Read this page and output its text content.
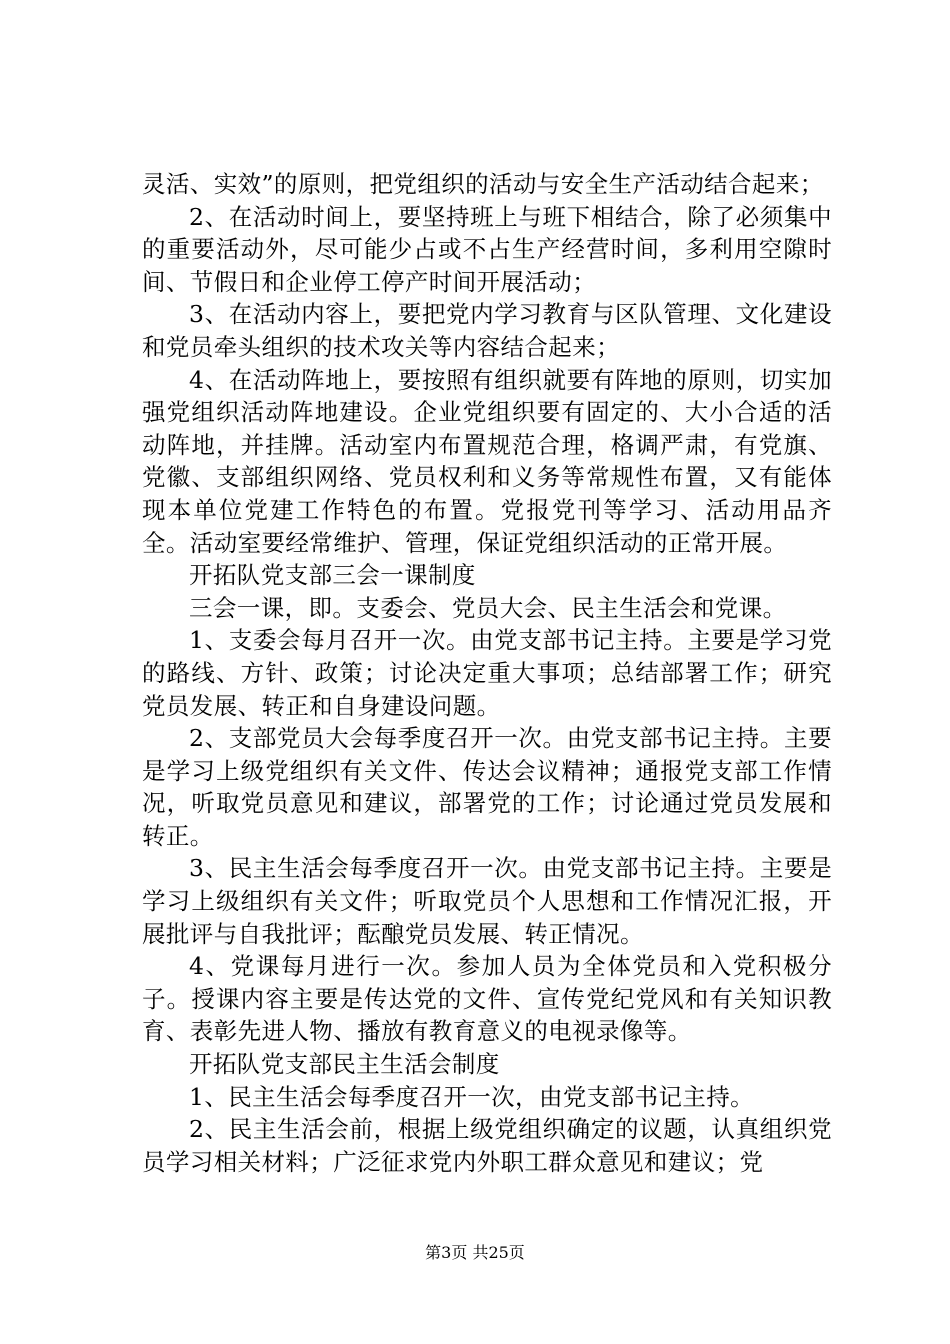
灵活、实效”的原则，把党组织的活动与安全生产活动结合起来；

2、在活动时间上，要坚持班上与班下相结合，除了必须集中的重要活动外，尽可能少占或不占生产经营时间，多利用空隙时间、节假日和企业停工停产时间开展活动；

3、在活动内容上，要把党内学习教育与区队管理、文化建设和党员牵头组织的技术攻关等内容结合起来；

4、在活动阵地上，要按照有组织就要有阵地的原则，切实加强党组织活动阵地建设。企业党组织要有固定的、大小合适的活动阵地，并挂牌。活动室内布置规范合理，格调严肃，有党旗、党徽、支部组织网络、党员权利和义务等常规性布置，又有能体现本单位党建工作特色的布置。党报党刊等学习、活动用品齐全。活动室要经常维护、管理，保证党组织活动的正常开展。

开拓队党支部三会一课制度

三会一课，即。支委会、党员大会、民主生活会和党课。

1、支委会每月召开一次。由党支部书记主持。主要是学习党的路线、方针、政策；讨论决定重大事项；总结部署工作；研究党员发展、转正和自身建设问题。

2、支部党员大会每季度召开一次。由党支部书记主持。主要是学习上级党组织有关文件、传达会议精神；通报党支部工作情况，听取党员意见和建议，部署党的工作；讨论通过党员发展和转正。

3、民主生活会每季度召开一次。由党支部书记主持。主要是学习上级组织有关文件；听取党员个人思想和工作情况汇报，开展批评与自我批评；酝酿党员发展、转正情况。

4、党课每月进行一次。参加人员为全体党员和入党积极分子。授课内容主要是传达党的文件、宣传党纪党风和有关知识教育、表彰先进人物、播放有教育意义的电视录像等。

开拓队党支部民主生活会制度

1、民主生活会每季度召开一次，由党支部书记主持。

2、民主生活会前，根据上级党组织确定的议题，认真组织党员学习相关材料；广泛征求党内外职工群众意见和建议；党

第3页 共25页
